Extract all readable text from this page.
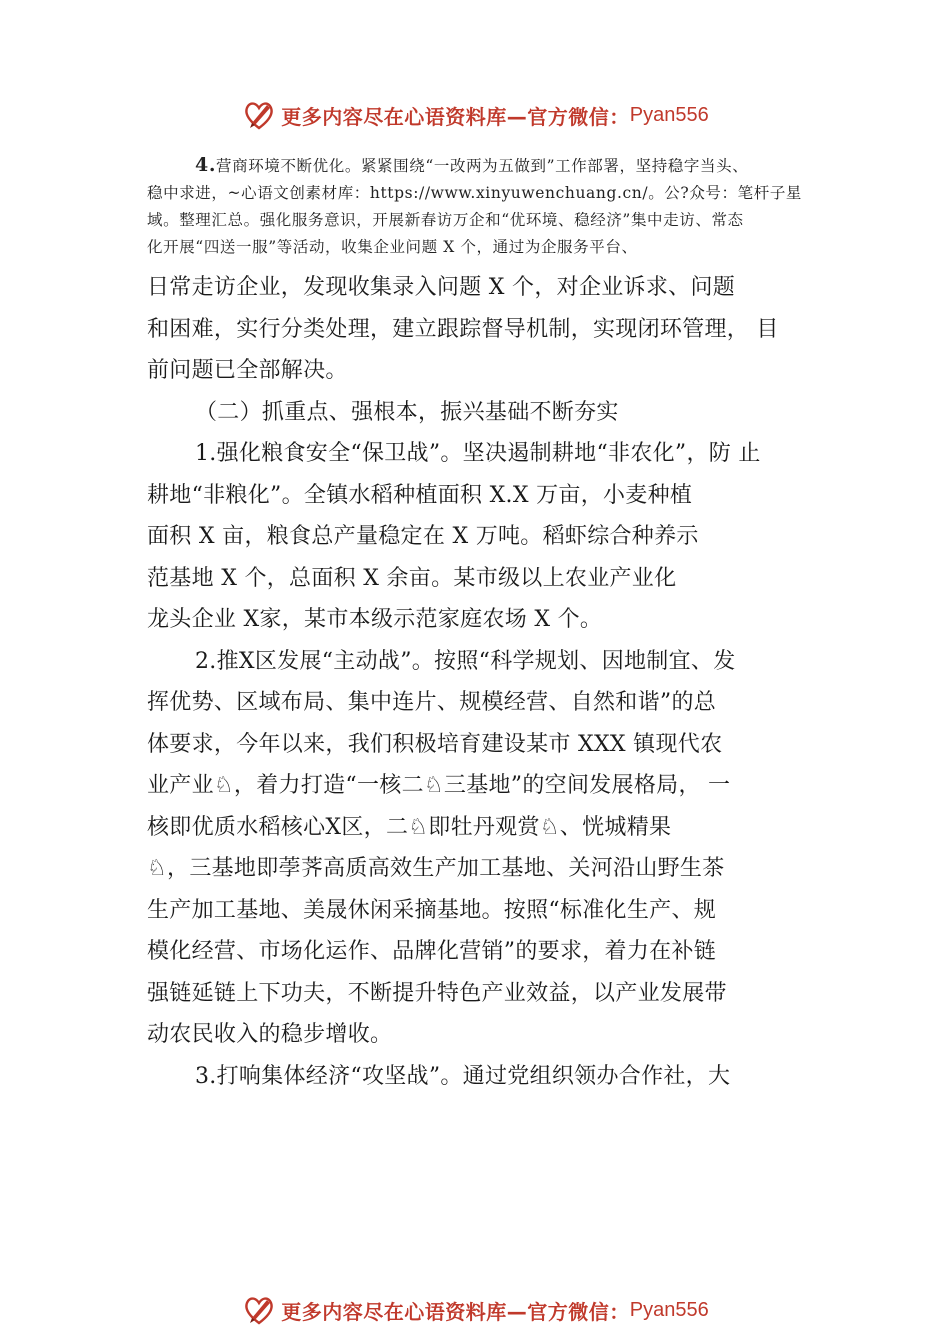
更多内容尽在心语资料库—官方微信： Pyan556

4.营商环境不断优化。紧紧围绕“一改两为五做到”工作部署，坚持稳字当头、

稳中求进，~心语文创素材库：https://www.xinyuwenchuang.cn/。公?众号：笔杆子星
域。整理汇总。强化服务意识，开展新春访万企和“优环境、稳经济”集中走访、常态
化开展“四送一服”等活动，收集企业问题 X 个，通过为企服务平台、

日常走访企业，发现收集录入问题 X 个，对企业诉求、问题
和困难，实行分类处理，建立跟踪督导机制，实现闭环管理， 目
前问题已全部解决。

（二）抓重点、强根本，振兴基础不断夯实

1.强化粮食安全“保卫战”。坚决遏制耕地“非农化”，防 止
耕地“非粮化”。全镇水稻种植面积 X.X 万亩，小麦种植
面积 X 亩，粮食总产量稳定在 X 万吨。稻虾综合种养示
范基地 X 个，总面积 X 余亩。某市级以上农业产业化
龙头企业 X家，某市本级示范家庭农场 X 个。

2.推Ⅹ区发展“主动战”。按照“科学规划、因地制宜、发
挥优势、区域布局、集中连片、规模经营、自然和谐”的总
体要求，今年以来，我们积极培育建设某市 XXX 镇现代农
业产业♘，着力打造“一核二♘三基地”的空间发展格局， 一
核即优质水稻核心Ⅹ区，二♘即牡丹观赏♘、恍城精果
♘，三基地即荸荠高质高效生产加工基地、关河沿山野生茶
生产加工基地、美晟休闲采摘基地。按照“标准化生产、规
模化经营、市场化运作、品牌化营销”的要求，着力在补链
强链延链上下功夫，不断提升特色产业效益，以产业发展带
动农民收入的稳步增收。

3.打响集体经济“攻坚战”。通过党组织领办合作社，大

更多内容尽在心语资料库—官方微信： Pyan556
